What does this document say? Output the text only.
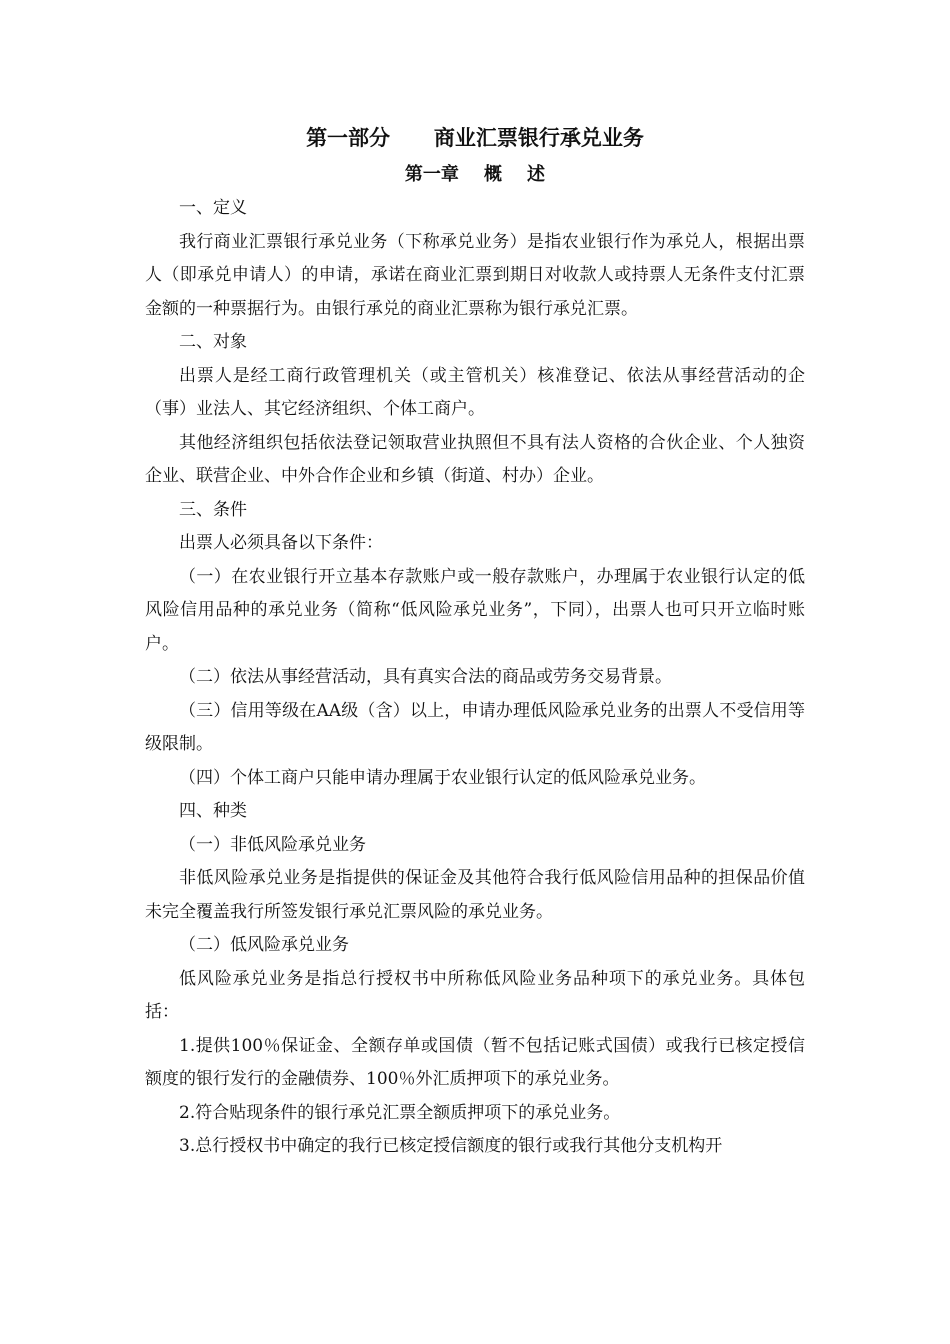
第一部分      商业汇票银行承兑业务
第一章    概    述

一、定义

我行商业汇票银行承兑业务（下称承兑业务）是指农业银行作为承兑人，根据出票人（即承兑申请人）的申请，承诺在商业汇票到期日对收款人或持票人无条件支付汇票金额的一种票据行为。由银行承兑的商业汇票称为银行承兑汇票。

二、对象

出票人是经工商行政管理机关（或主管机关）核准登记、依法从事经营活动的企（事）业法人、其它经济组织、个体工商户。

其他经济组织包括依法登记领取营业执照但不具有法人资格的合伙企业、个人独资企业、联营企业、中外合作企业和乡镇（街道、村办）企业。

三、条件

出票人必须具备以下条件：

（一）在农业银行开立基本存款账户或一般存款账户，办理属于农业银行认定的低风险信用品种的承兑业务（简称“低风险承兑业务”，下同），出票人也可只开立临时账户。

（二）依法从事经营活动，具有真实合法的商品或劳务交易背景。

（三）信用等级在AA级（含）以上，申请办理低风险承兑业务的出票人不受信用等级限制。

（四）个体工商户只能申请办理属于农业银行认定的低风险承兑业务。

四、种类

（一）非低风险承兑业务

非低风险承兑业务是指提供的保证金及其他符合我行低风险信用品种的担保品价值未完全覆盖我行所签发银行承兑汇票风险的承兑业务。

（二）低风险承兑业务

低风险承兑业务是指总行授权书中所称低风险业务品种项下的承兑业务。具体包括：

1.提供100％保证金、全额存单或国债（暂不包括记账式国债）或我行已核定授信额度的银行发行的金融债券、100％外汇质押项下的承兑业务。

2.符合贴现条件的银行承兑汇票全额质押项下的承兑业务。

3.总行授权书中确定的我行已核定授信额度的银行或我行其他分支机构开
